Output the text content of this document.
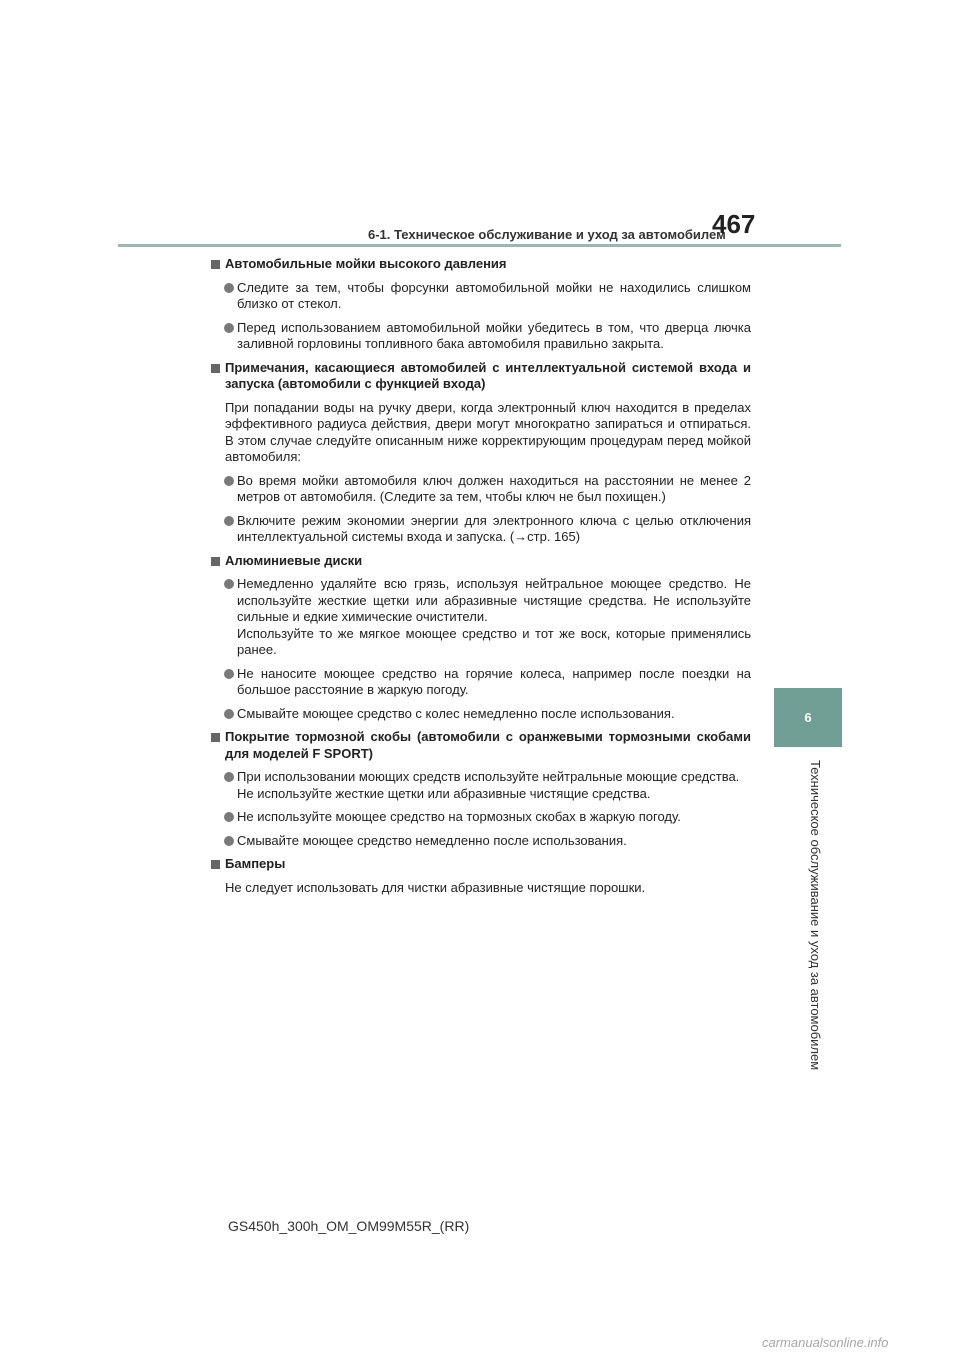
6-1. Техническое обслуживание и уход за автомобилем
467
6
Техническое обслуживание и уход за автомобилем
Автомобильные мойки высокого давления
Следите за тем, чтобы форсунки автомобильной мойки не находились слишком близко от стекол.
Перед использованием автомобильной мойки убедитесь в том, что дверца лючка заливной горловины топливного бака автомобиля правильно закрыта.
Примечания, касающиеся автомобилей с интеллектуальной системой входа и запуска (автомобили с функцией входа)
При попадании воды на ручку двери, когда электронный ключ находится в пределах эффективного радиуса действия, двери могут многократно запираться и отпираться. В этом случае следуйте описанным ниже корректирующим процедурам перед мойкой автомобиля:
Во время мойки автомобиля ключ должен находиться на расстоянии не менее 2 метров от автомобиля. (Следите за тем, чтобы ключ не был похищен.)
Включите режим экономии энергии для электронного ключа с целью отключения интеллектуальной системы входа и запуска. (→стр. 165)
Алюминиевые диски
Немедленно удаляйте всю грязь, используя нейтральное моющее средство. Не используйте жесткие щетки или абразивные чистящие средства. Не используйте сильные и едкие химические очистители.
Используйте то же мягкое моющее средство и тот же воск, которые применялись ранее.
Не наносите моющее средство на горячие колеса, например после поездки на большое расстояние в жаркую погоду.
Смывайте моющее средство с колес немедленно после использования.
Покрытие тормозной скобы (автомобили с оранжевыми тормозными скобами для моделей F SPORT)
При использовании моющих средств используйте нейтральные моющие средства.
Не используйте жесткие щетки или абразивные чистящие средства.
Не используйте моющее средство на тормозных скобах в жаркую погоду.
Смывайте моющее средство немедленно после использования.
Бамперы
Не следует использовать для чистки абразивные чистящие порошки.
GS450h_300h_OM_OM99M55R_(RR)
carmanualsonline.info
